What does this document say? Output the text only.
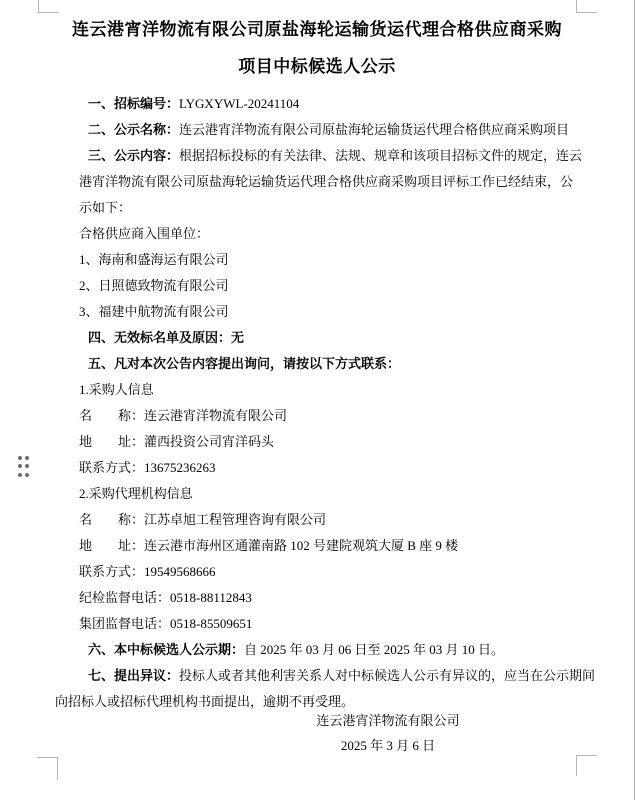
连云港宵洋物流有限公司原盐海轮运输货运代理合格供应商采购
项目中标候选人公示
一、招标编号：LYGXYWL-20241104
二、公示名称：连云港宵洋物流有限公司原盐海轮运输货运代理合格供应商采购项目
三、公示内容：根据招标投标的有关法律、法规、规章和该项目招标文件的规定，连云
港宵洋物流有限公司原盐海轮运输货运代理合格供应商采购项目评标工作已经结束，公
示如下：
合格供应商入围单位：
1、海南和盛海运有限公司
2、日照德致物流有限公司
3、福建中航物流有限公司
四、无效标名单及原因：无
五、凡对本次公告内容提出询问，请按以下方式联系：
1.采购人信息
名　　称：连云港宵洋物流有限公司
地　　址：灌西投资公司宵洋码头
联系方式：13675236263
2.采购代理机构信息
名　　称：江苏卓旭工程管理咨询有限公司
地　　址：连云港市海州区通灌南路 102 号建院观筑大厦 B 座 9 楼
联系方式：19549568666
纪检监督电话：0518-88112843
集团监督电话：0518-85509651
六、本中标候选人公示期：自 2025 年 03 月 06 日至 2025 年 03 月 10 日。
七、提出异议：投标人或者其他利害关系人对中标候选人公示有异议的，应当在公示期间
向招标人或招标代理机构书面提出，逾期不再受理。
连云港宵洋物流有限公司
2025 年 3 月 6 日
